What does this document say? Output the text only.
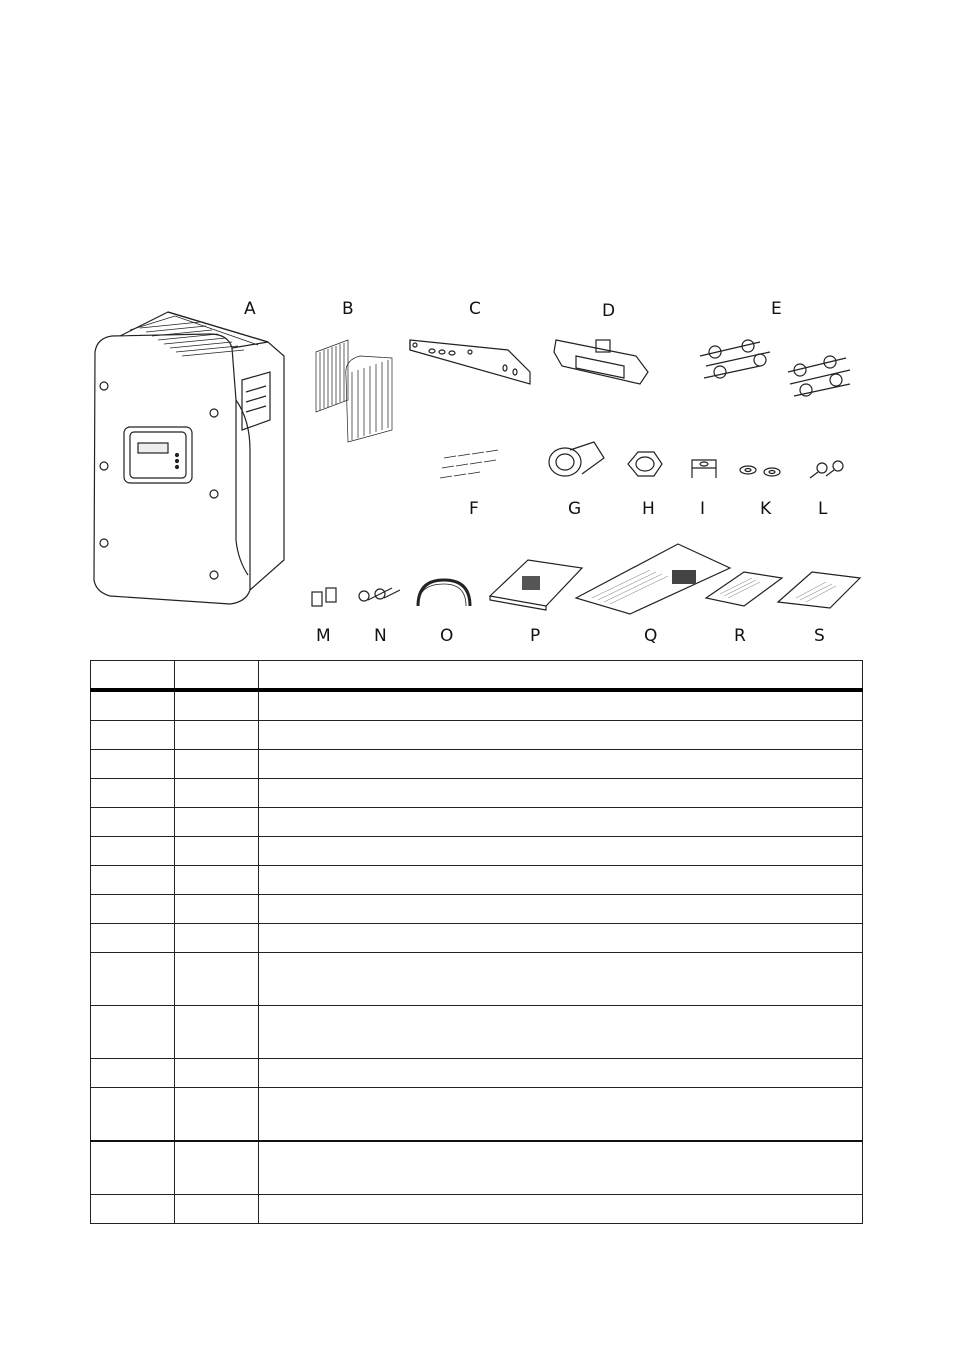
A	B	C	D	E
F	G	H	I	K	L
M	N	O	P	Q	R	S
